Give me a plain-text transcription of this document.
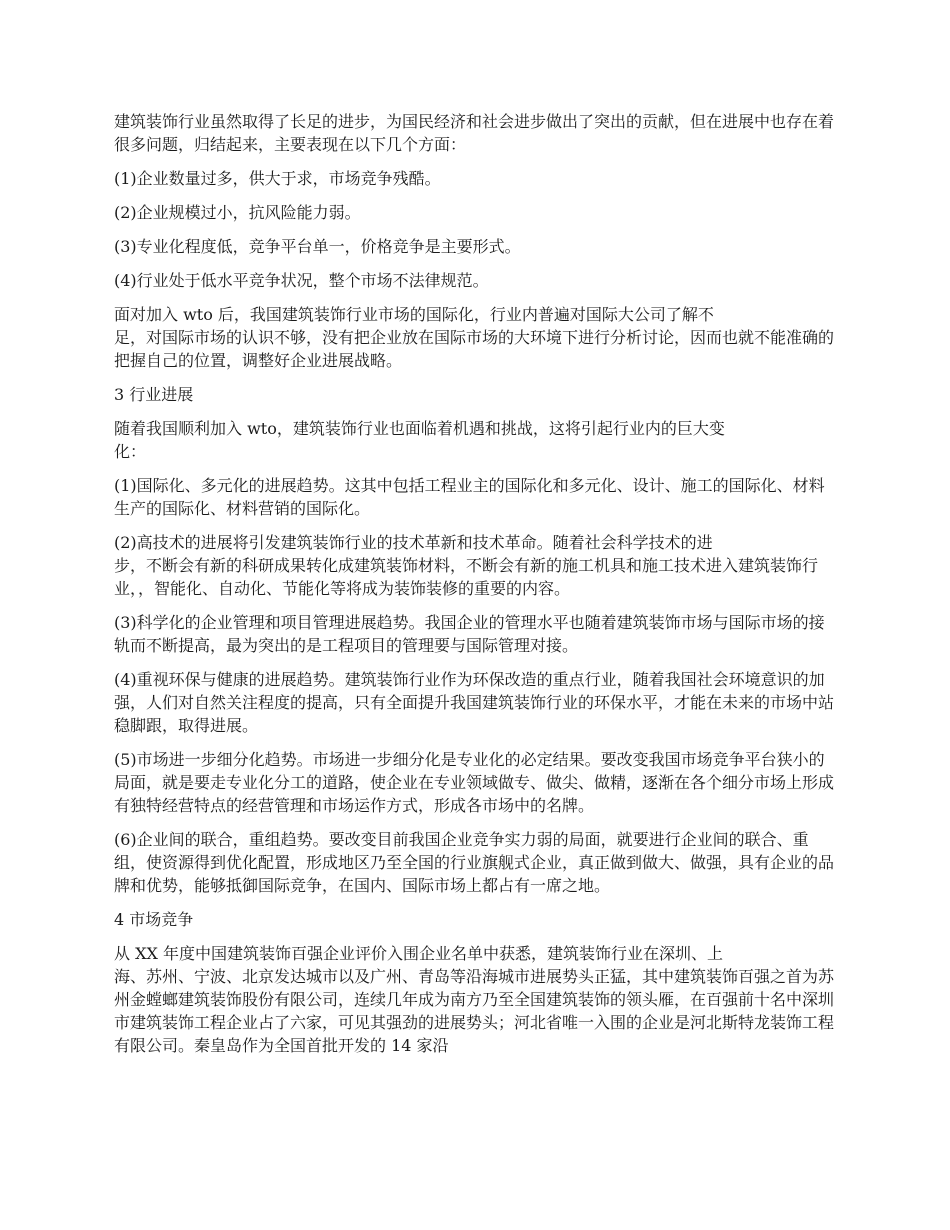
建筑装饰行业虽然取得了长足的进步，为国民经济和社会进步做出了突出的贡献，但在进展中也存在着很多问题，归结起来，主要表现在以下几个方面：

(1)企业数量过多，供大于求，市场竞争残酷。

(2)企业规模过小，抗风险能力弱。

(3)专业化程度低，竞争平台单一，价格竞争是主要形式。

(4)行业处于低水平竞争状况，整个市场不法律规范。

面对加入 wto 后，我国建筑装饰行业市场的国际化，行业内普遍对国际大公司了解不
足，对国际市场的认识不够，没有把企业放在国际市场的大环境下进行分析讨论，因而也就不能准确的把握自己的位置，调整好企业进展战略。

3 行业进展

随着我国顺利加入 wto，建筑装饰行业也面临着机遇和挑战，这将引起行业内的巨大变
化：

(1)国际化、多元化的进展趋势。这其中包括工程业主的国际化和多元化、设计、施工的国际化、材料生产的国际化、材料营销的国际化。

(2)高技术的进展将引发建筑装饰行业的技术革新和技术革命。随着社会科学技术的进
步，不断会有新的科研成果转化成建筑装饰材料，不断会有新的施工机具和施工技术进入建筑装饰行业，，智能化、自动化、节能化等将成为装饰装修的重要的内容。

(3)科学化的企业管理和项目管理进展趋势。我国企业的管理水平也随着建筑装饰市场与国际市场的接轨而不断提高，最为突出的是工程项目的管理要与国际管理对接。

(4)重视环保与健康的进展趋势。建筑装饰行业作为环保改造的重点行业，随着我国社会环境意识的加强，人们对自然关注程度的提高，只有全面提升我国建筑装饰行业的环保水平，才能在未来的市场中站稳脚跟，取得进展。

(5)市场进一步细分化趋势。市场进一步细分化是专业化的必定结果。要改变我国市场竞争平台狭小的局面，就是要走专业化分工的道路，使企业在专业领域做专、做尖、做精，逐渐在各个细分市场上形成有独特经营特点的经营管理和市场运作方式，形成各市场中的名牌。

(6)企业间的联合，重组趋势。要改变目前我国企业竞争实力弱的局面，就要进行企业间的联合、重组，使资源得到优化配置，形成地区乃至全国的行业旗舰式企业，真正做到做大、做强，具有企业的品牌和优势，能够抵御国际竞争，在国内、国际市场上都占有一席之地。

4 市场竞争

从 XX 年度中国建筑装饰百强企业评价入围企业名单中获悉，建筑装饰行业在深圳、上
海、苏州、宁波、北京发达城市以及广州、青岛等沿海城市进展势头正猛，其中建筑装饰百强之首为苏州金螳螂建筑装饰股份有限公司，连续几年成为南方乃至全国建筑装饰的领头雁，在百强前十名中深圳市建筑装饰工程企业占了六家，可见其强劲的进展势头；河北省唯一入围的企业是河北斯特龙装饰工程有限公司。秦皇岛作为全国首批开发的 14 家沿
